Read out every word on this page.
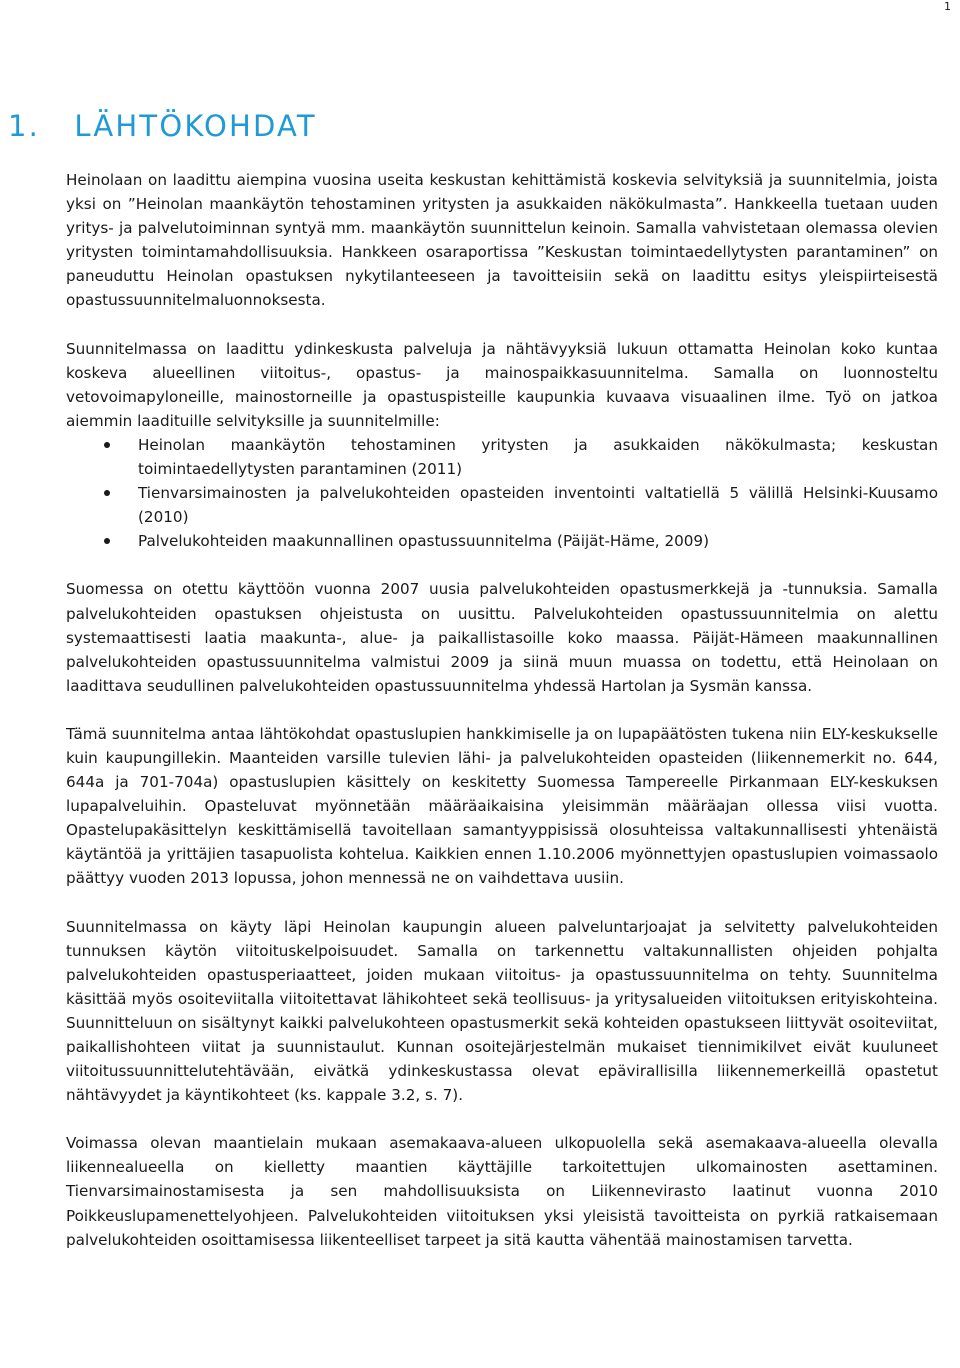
1
1. LÄHTÖKOHDAT

Heinolaan on laadittu aiempina vuosina useita keskustan kehittämistä koskevia selvityksiä ja suunnitelmia, joista yksi on ”Heinolan maankäytön tehostaminen yritysten ja asukkaiden näkökulmasta”. Hankkeella tuetaan uuden yritys- ja palvelutoiminnan syntyä mm. maankäytön suunnittelun keinoin. Samalla vahvistetaan olemassa olevien yritysten toimintamahdollisuuksia. Hankkeen osaraportissa ”Keskustan toimintaedellytysten parantaminen” on paneuduttu Heinolan opastuksen nykytilanteeseen ja tavoitteisiin sekä on laadittu esitys yleispiirteisestä opastussuunnitelmaluonnoksesta.

Suunnitelmassa on laadittu ydinkeskusta palveluja ja nähtävyyksiä lukuun ottamatta Heinolan koko kuntaa koskeva alueellinen viitoitus-, opastus- ja mainospaikkasuunnitelma. Samalla on luonnosteltu vetovoimapyloneille, mainostorneille ja opastuspisteille kaupunkia kuvaava visuaalinen ilme. Työ on jatkoa aiemmin laadituille selvityksille ja suunnitelmille:

Heinolan maankäytön tehostaminen yritysten ja asukkaiden näkökulmasta; keskustan toimintaedellytysten parantaminen (2011)
Tienvarsimainosten ja palvelukohteiden opasteiden inventointi valtatiellä 5 välillä Helsinki-Kuusamo (2010)
Palvelukohteiden maakunnallinen opastussuunnitelma (Päijät-Häme, 2009)

Suomessa on otettu käyttöön vuonna 2007 uusia palvelukohteiden opastusmerkkejä ja -tunnuksia. Samalla palvelukohteiden opastuksen ohjeistusta on uusittu. Palvelukohteiden opastussuunnitelmia on alettu systemaattisesti laatia maakunta-, alue- ja paikallistasoille koko maassa. Päijät-Hämeen maakunnallinen palvelukohteiden opastussuunnitelma valmistui 2009 ja siinä muun muassa on todettu, että Heinolaan on laadittava seudullinen palvelukohteiden opastussuunnitelma yhdessä Hartolan ja Sysmän kanssa.

Tämä suunnitelma antaa lähtökohdat opastuslupien hankkimiselle ja on lupapäätösten tukena niin ELY-keskukselle kuin kaupungillekin. Maanteiden varsille tulevien lähi- ja palvelukohteiden opasteiden (liikennemerkit no. 644, 644a ja 701-704a) opastuslupien käsittely on keskitetty Suomessa Tampereelle Pirkanmaan ELY-keskuksen lupapalveluihin. Opasteluvat myönnetään määräaikaisina yleisimmän määräajan ollessa viisi vuotta. Opastelupakäsittelyn keskittämisellä tavoitellaan samantyyppisissä olosuhteissa valtakunnallisesti yhtenäistä käytäntöä ja yrittäjien tasapuolista kohtelua. Kaikkien ennen 1.10.2006 myönnettyjen opastuslupien voimassaolo päättyy vuoden 2013 lopussa, johon mennessä ne on vaihdettava uusiin.

Suunnitelmassa on käyty läpi Heinolan kaupungin alueen palveluntarjoajat ja selvitetty palvelukohteiden tunnuksen käytön viitoituskelpoisuudet. Samalla on tarkennettu valtakunnallisten ohjeiden pohjalta palvelukohteiden opastusperiaatteet, joiden mukaan viitoitus- ja opastussuunnitelma on tehty. Suunnitelma käsittää myös osoiteviitalla viitoitettavat lähikohteet sekä teollisuus- ja yritysalueiden viitoituksen erityiskohteina. Suunnitteluun on sisältynyt kaikki palvelukohteen opastusmerkit sekä kohteiden opastukseen liittyvät osoiteviitat, paikallishohteen viitat ja suunnistaulut. Kunnan osoitejärjestelmän mukaiset tiennimikilvet eivät kuuluneet viitoitussuunnittelutehtävään, eivätkä ydinkeskustassa olevat epävirallisilla liikennemerkeillä opastetut nähtävyydet ja käyntikohteet (ks. kappale 3.2, s. 7).

Voimassa olevan maantielain mukaan asemakaava-alueen ulkopuolella sekä asemakaava-alueella olevalla liikennealueella on kielletty maantien käyttäjille tarkoitettujen ulkomainosten asettaminen. Tienvarsimainostamisesta ja sen mahdollisuuksista on Liikennevirasto laatinut vuonna 2010 Poikkeuslupamenettelyohjeen. Palvelukohteiden viitoituksen yksi yleisistä tavoitteista on pyrkiä ratkaisemaan palvelukohteiden osoittamisessa liikenteelliset tarpeet ja sitä kautta vähentää mainostamisen tarvetta.
